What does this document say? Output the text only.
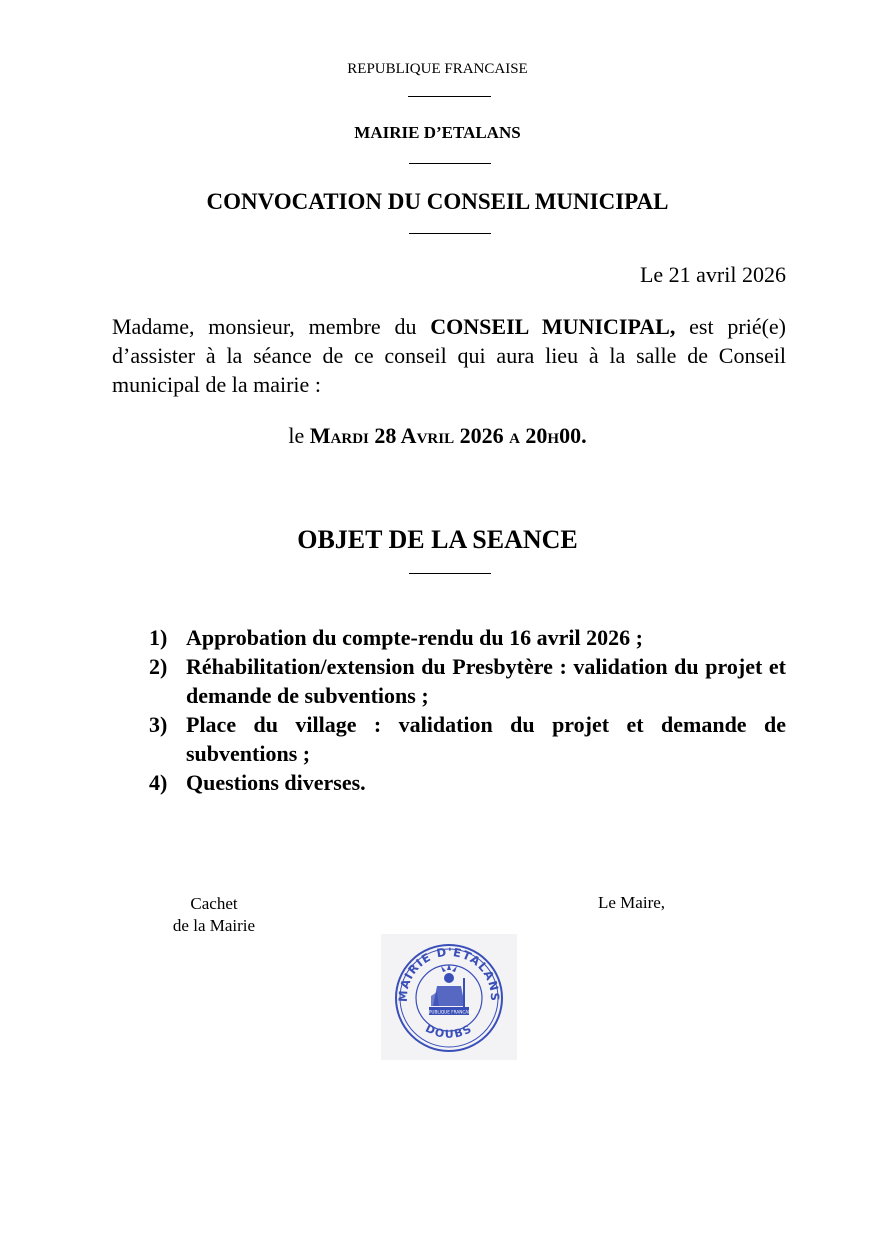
REPUBLIQUE FRANCAISE
MAIRIE D’ETALANS
CONVOCATION DU CONSEIL MUNICIPAL
Le 21 avril 2026

Madame, monsieur, membre du CONSEIL MUNICIPAL, est prié(e) d’assister à la séance de ce conseil qui aura lieu à la salle de Conseil municipal de la mairie :

le Mardi 28 Avril 2026 a 20h00.
OBJET DE LA SEANCE
1) Approbation du compte-rendu du 16 avril 2026 ;
2) Réhabilitation/extension du Presbytère : validation du projet et demande de subventions ;
3) Place du village : validation du projet et demande de subventions ;
4) Questions diverses.
Cachet
de la Mairie
Le Maire,
MAIRIE D'ETALANS
DOUBS
REPUBLIQUE FRANCAISE
